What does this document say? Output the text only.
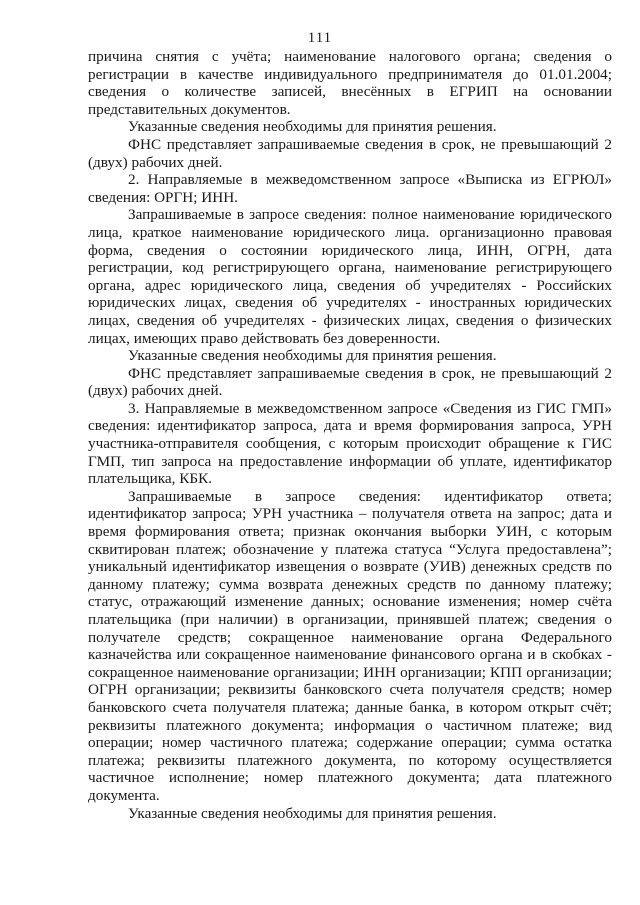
111

причина снятия с учёта; наименование налогового органа; сведения о регистрации в качестве индивидуального предпринимателя до 01.01.2004; сведения о количестве записей, внесённых в ЕГРИП на основании представительных документов.

Указанные сведения необходимы для принятия решения.

ФНС представляет запрашиваемые сведения в срок, не превышающий 2 (двух) рабочих дней.

2. Направляемые в межведомственном запросе «Выписка из ЕГРЮЛ» сведения: ОРГН; ИНН.

Запрашиваемые в запросе сведения: полное наименование юридического лица, краткое наименование юридического лица. организационно правовая форма, сведения о состоянии юридического лица, ИНН, ОГРН, дата регистрации, код регистрирующего органа, наименование регистрирующего органа, адрес юридического лица, сведения об учредителях - Российских юридических лицах, сведения об учредителях - иностранных юридических лицах, сведения об учредителях - физических лицах, сведения о физических лицах, имеющих право действовать без доверенности.

Указанные сведения необходимы для принятия решения.

ФНС представляет запрашиваемые сведения в срок, не превышающий 2 (двух) рабочих дней.

3. Направляемые в межведомственном запросе «Сведения из ГИС ГМП» сведения: идентификатор запроса, дата и время формирования запроса, УРН участника-отправителя сообщения, с которым происходит обращение к ГИС ГМП, тип запроса на предоставление информации об уплате, идентификатор плательщика, КБК.

Запрашиваемые в запросе сведения: идентификатор ответа; идентификатор запроса; УРН участника – получателя ответа на запрос; дата и время формирования ответа; признак окончания выборки УИН, с которым сквитирован платеж; обозначение у платежа статуса “Услуга предоставлена”; уникальный идентификатор извещения о возврате (УИВ) денежных средств по данному платежу; сумма возврата денежных средств по данному платежу; статус, отражающий изменение данных; основание изменения; номер счёта плательщика (при наличии) в организации, принявшей платеж; сведения о получателе средств; сокращенное наименование органа Федерального казначейства или сокращенное наименование финансового органа и в скобках - сокращенное наименование организации; ИНН организации; КПП организации; ОГРН организации; реквизиты банковского счета получателя средств; номер банковского счета получателя платежа; данные банка, в котором открыт счёт; реквизиты платежного документа; информация о частичном платеже; вид операции; номер частичного платежа; содержание операции; сумма остатка платежа; реквизиты платежного документа, по которому осуществляется частичное исполнение; номер платежного документа; дата платежного документа.

Указанные сведения необходимы для принятия решения.
